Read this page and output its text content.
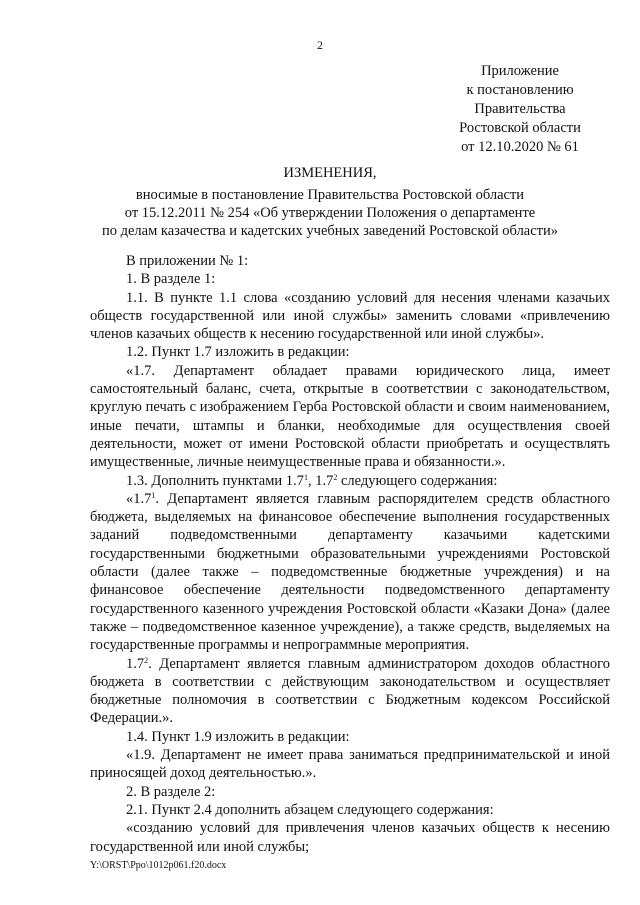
2
Приложение
к постановлению
Правительства
Ростовской области
от 12.10.2020 № 61
ИЗМЕНЕНИЯ,
вносимые в постановление Правительства Ростовской области
от 15.12.2011 № 254 «Об утверждении Положения о департаменте
по делам казачества и кадетских учебных заведений Ростовской области»

В приложении № 1:

1. В разделе 1:

1.1. В пункте 1.1 слова «созданию условий для несения членами казачьих обществ государственной или иной службы» заменить словами «привлечению членов казачьих обществ к несению государственной или иной службы».

1.2. Пункт 1.7 изложить в редакции:

«1.7. Департамент обладает правами юридического лица, имеет самостоятельный баланс, счета, открытые в соответствии с законодательством, круглую печать с изображением Герба Ростовской области и своим наименованием, иные печати, штампы и бланки, необходимые для осуществления своей деятельности, может от имени Ростовской области приобретать и осуществлять имущественные, личные неимущественные права и обязанности.».

1.3. Дополнить пунктами $1.7^1$, $1.7^2$ следующего содержания:

«$1.7^1$. Департамент является главным распорядителем средств областного бюджета, выделяемых на финансовое обеспечение выполнения государственных заданий подведомственными департаменту казачьими кадетскими государственными бюджетными образовательными учреждениями Ростовской области (далее также – подведомственные бюджетные учреждения) и на финансовое обеспечение деятельности подведомственного департаменту государственного казенного учреждения Ростовской области «Казаки Дона» (далее также – подведомственное казенное учреждение), а также средств, выделяемых на государственные программы и непрограммные мероприятия.

$1.7^2$. Департамент является главным администратором доходов областного бюджета в соответствии с действующим законодательством и осуществляет бюджетные полномочия в соответствии с Бюджетным кодексом Российской Федерации.».

1.4. Пункт 1.9 изложить в редакции:

«1.9. Департамент не имеет права заниматься предпринимательской и иной приносящей доход деятельностью.».

2. В разделе 2:

2.1. Пункт 2.4 дополнить абзацем следующего содержания:

«созданию условий для привлечения членов казачьих обществ к несению государственной или иной службы;

Y:\ORST\Ppo\1012p061.f20.docx
